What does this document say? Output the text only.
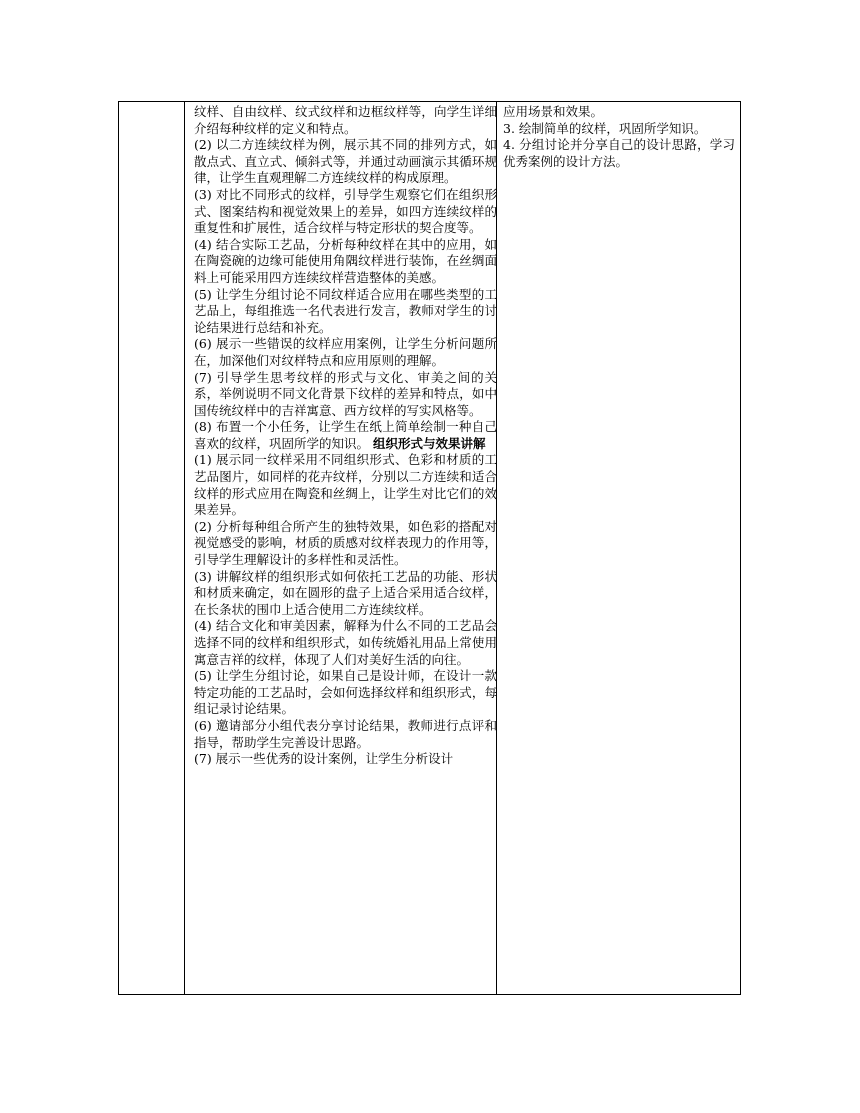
纹样、自由纹样、纹式纹样和边框纹样等，向学生详细介绍每种纹样的定义和特点。

(2) 以二方连续纹样为例，展示其不同的排列方式，如散点式、直立式、倾斜式等，并通过动画演示其循环规律，让学生直观理解二方连续纹样的构成原理。

(3) 对比不同形式的纹样，引导学生观察它们在组织形式、图案结构和视觉效果上的差异，如四方连续纹样的重复性和扩展性，适合纹样与特定形状的契合度等。

(4) 结合实际工艺品，分析每种纹样在其中的应用，如在陶瓷碗的边缘可能使用角隅纹样进行装饰，在丝绸面料上可能采用四方连续纹样营造整体的美感。

(5) 让学生分组讨论不同纹样适合应用在哪些类型的工艺品上，每组推选一名代表进行发言，教师对学生的讨论结果进行总结和补充。

(6) 展示一些错误的纹样应用案例，让学生分析问题所在，加深他们对纹样特点和应用原则的理解。

(7) 引导学生思考纹样的形式与文化、审美之间的关系，举例说明不同文化背景下纹样的差异和特点，如中国传统纹样中的吉祥寓意、西方纹样的写实风格等。

(8) 布置一个小任务，让学生在纸上简单绘制一种自己喜欢的纹样，巩固所学的知识。 组织形式与效果讲解

(1) 展示同一纹样采用不同组织形式、色彩和材质的工艺品图片，如同样的花卉纹样，分别以二方连续和适合纹样的形式应用在陶瓷和丝绸上，让学生对比它们的效果差异。

(2) 分析每种组合所产生的独特效果，如色彩的搭配对视觉感受的影响，材质的质感对纹样表现力的作用等，引导学生理解设计的多样性和灵活性。

(3) 讲解纹样的组织形式如何依托工艺品的功能、形状和材质来确定，如在圆形的盘子上适合采用适合纹样，在长条状的围巾上适合使用二方连续纹样。

(4) 结合文化和审美因素，解释为什么不同的工艺品会选择不同的纹样和组织形式，如传统婚礼用品上常使用寓意吉祥的纹样，体现了人们对美好生活的向往。

(5) 让学生分组讨论，如果自己是设计师，在设计一款特定功能的工艺品时，会如何选择纹样和组织形式，每组记录讨论结果。

(6) 邀请部分小组代表分享讨论结果，教师进行点评和指导，帮助学生完善设计思路。

(7) 展示一些优秀的设计案例，让学生分析设计

应用场景和效果。

3. 绘制简单的纹样，巩固所学知识。

4. 分组讨论并分享自己的设计思路，学习优秀案例的设计方法。
